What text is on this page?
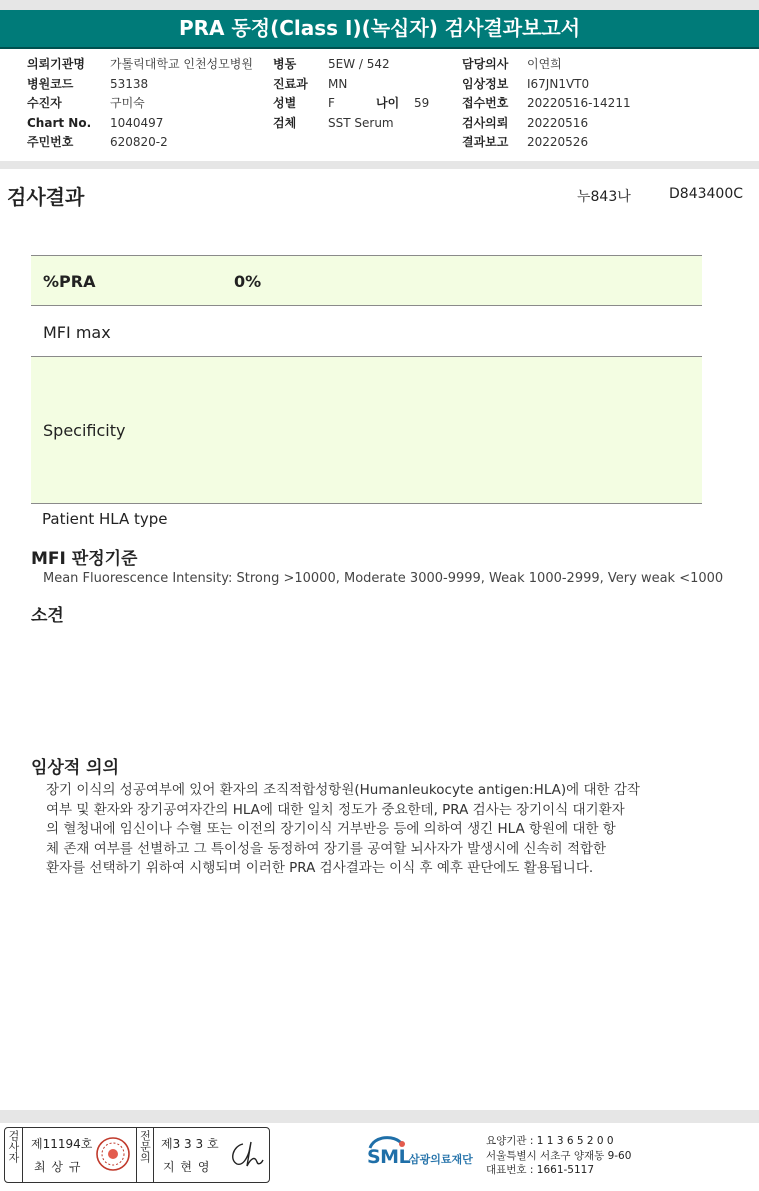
PRA 동정(Class I)(녹십자) 검사결과보고서
의뢰기관명 가톨릭대학교 인천성모병원
병원코드	53138
수진자	구미숙
Chart No. 1040497
주민번호	620820-2
병동	5EW / 542
진료과 MN
성별	F	나이 59
검체	SST Serum
담당의사 이연희
임상정보 I67JN1VT0
접수번호 20220516-14211
검사의뢰 20220516
결과보고 20220526
검사결과	누843나	D843400C
%PRA	0%
MFI max
Specificity
Patient HLA type
MFI 판정기준
Mean Fluorescence Intensity: Strong >10000, Moderate 3000-9999, Weak 1000-2999, Very weak <1000
소견
임상적 의의
장기 이식의 성공여부에 있어 환자의 조직적합성항원(Humanleukocyte antigen:HLA)에 대한 감작
여부 및 환자와 장기공여자간의 HLA에 대한 일치 정도가 중요한데, PRA 검사는 장기이식 대기환자
의 혈청내에 임신이나 수혈 또는 이전의 장기이식 거부반응 등에 의하여 생긴 HLA 항원에 대한 항
체 존재 여부를 선별하고 그 특이성을 동정하여 장기를 공여할 뇌사자가 발생시에 신속히 적합한
환자를 선택하기 위하여 시행되며 이러한 PRA 검사결과는 이식 후 예후 판단에도 활용됩니다.
검사자 제11194호
최 상 규
전문의 제3 3 3 호
지 현 영	SML
삼광의료재단
요양기관 : 1 1 3 6 5 2 0 0
서울특별시 서초구 양재동 9-60
대표번호 : 1661-5117
